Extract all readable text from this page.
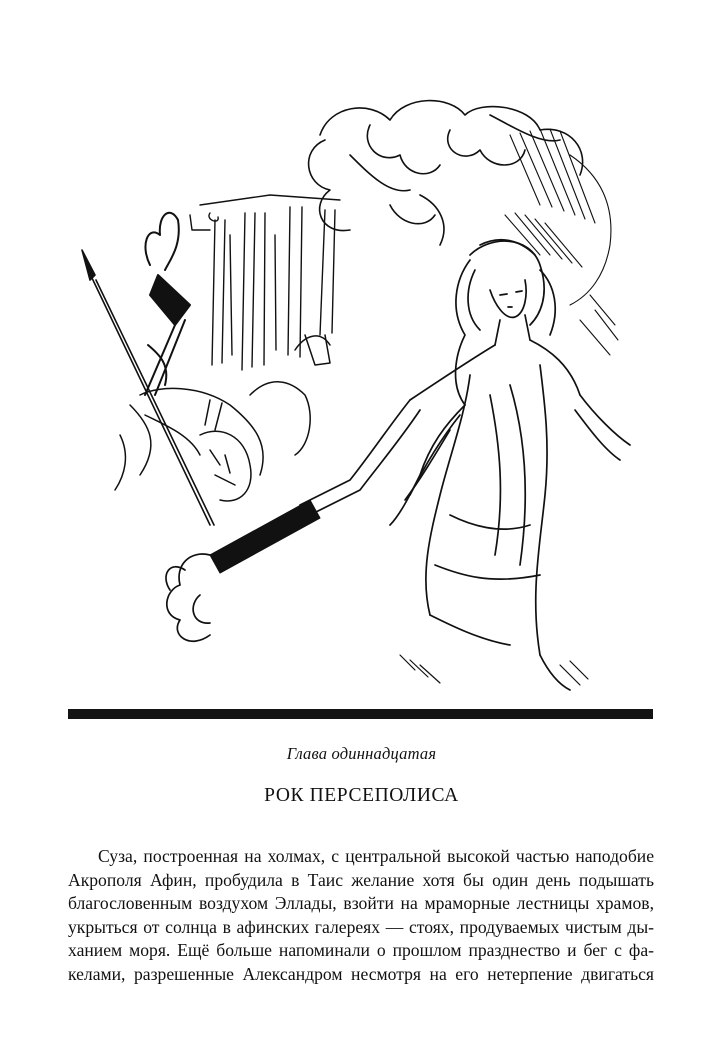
Глава одиннадцатая
РОК ПЕРСЕПОЛИСА
Суза, построенная на холмах, с центральной высокой частью наподобие
Акрополя Афин, пробудила в Таис желание хотя бы один день подышать
благословенным воздухом Эллады, взойти на мраморные лестницы храмов,
укрыться от солнца в афинских галереях — стоях, продуваемых чистым ды-
ханием моря. Ещё больше напоминали о прошлом празднество и бег с фа-
келами, разрешенные Александром несмотря на его нетерпение двигаться
